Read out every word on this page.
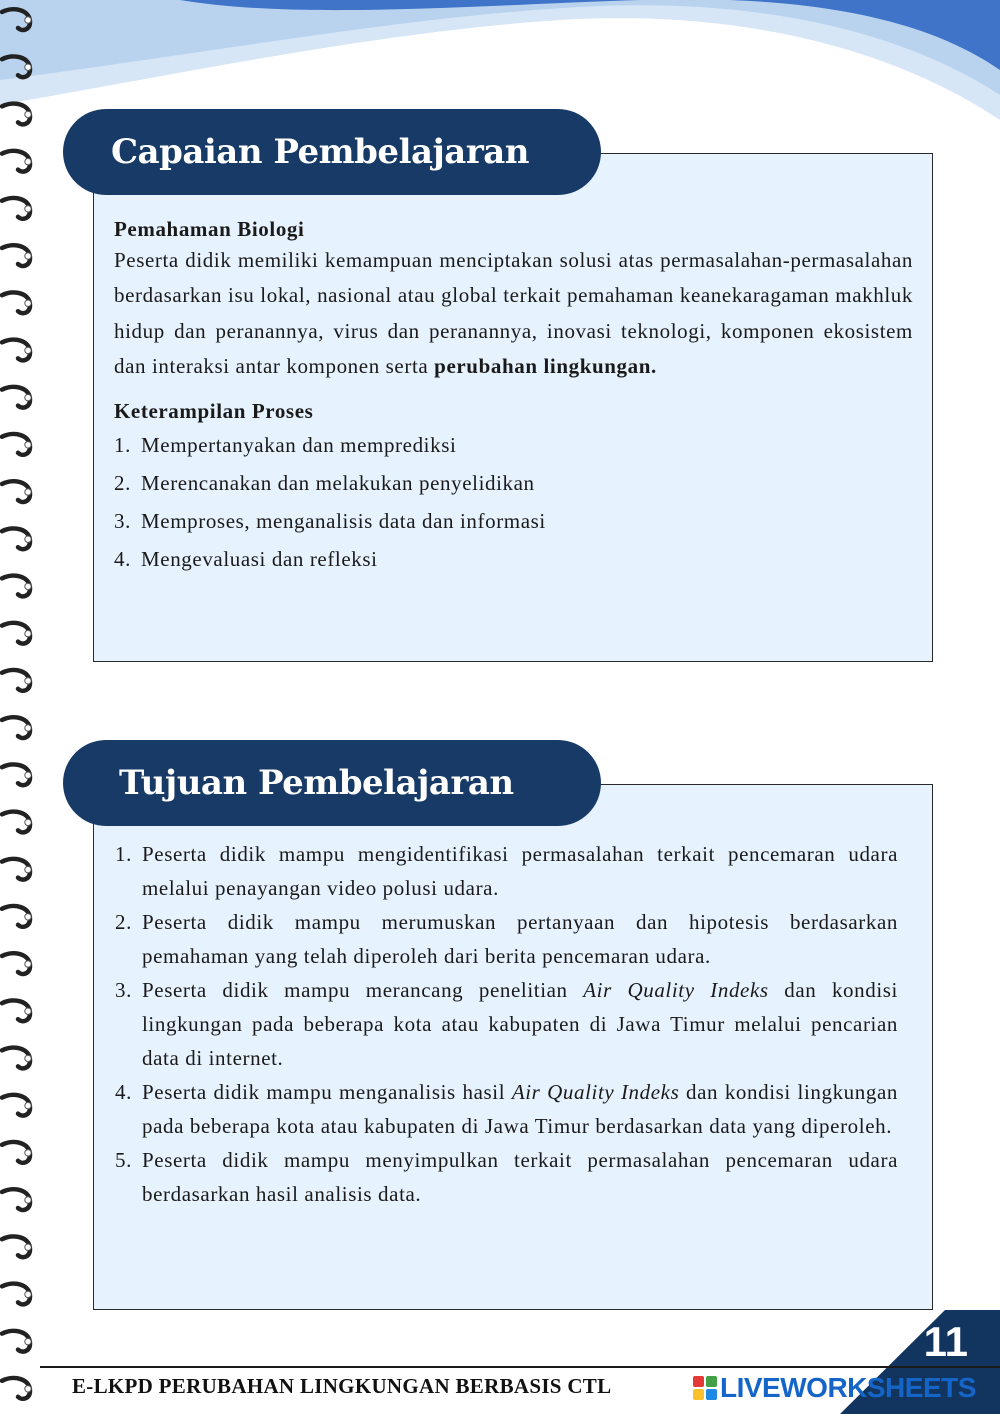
Capaian Pembelajaran

Pemahaman Biologi

Peserta didik memiliki kemampuan menciptakan solusi atas permasalahan-permasalahan berdasarkan isu lokal, nasional atau global terkait pemahaman keanekaragaman makhluk hidup dan peranannya, virus dan peranannya, inovasi teknologi, komponen ekosistem dan interaksi antar komponen serta perubahan lingkungan.

Keterampilan Proses

1. Mempertanyakan dan memprediksi
2. Merencanakan dan melakukan penyelidikan
3. Memproses, menganalisis data dan informasi
4. Mengevaluasi dan refleksi
Tujuan Pembelajaran
1. Peserta didik mampu mengidentifikasi permasalahan terkait pencemaran udara melalui penayangan video polusi udara.
2. Peserta didik mampu merumuskan pertanyaan dan hipotesis berdasarkan pemahaman yang telah diperoleh dari berita pencemaran udara.
3. Peserta didik mampu merancang penelitian Air Quality Indeks dan kondisi lingkungan pada beberapa kota atau kabupaten di Jawa Timur melalui pencarian data di internet.
4. Peserta didik mampu menganalisis hasil Air Quality Indeks dan kondisi lingkungan pada beberapa kota atau kabupaten di Jawa Timur berdasarkan data yang diperoleh.
5. Peserta didik mampu menyimpulkan terkait permasalahan pencemaran udara berdasarkan hasil analisis data.
11
E-LKPD PERUBAHAN LINGKUNGAN BERBASIS CTL	LIVEWORKSHEETS
